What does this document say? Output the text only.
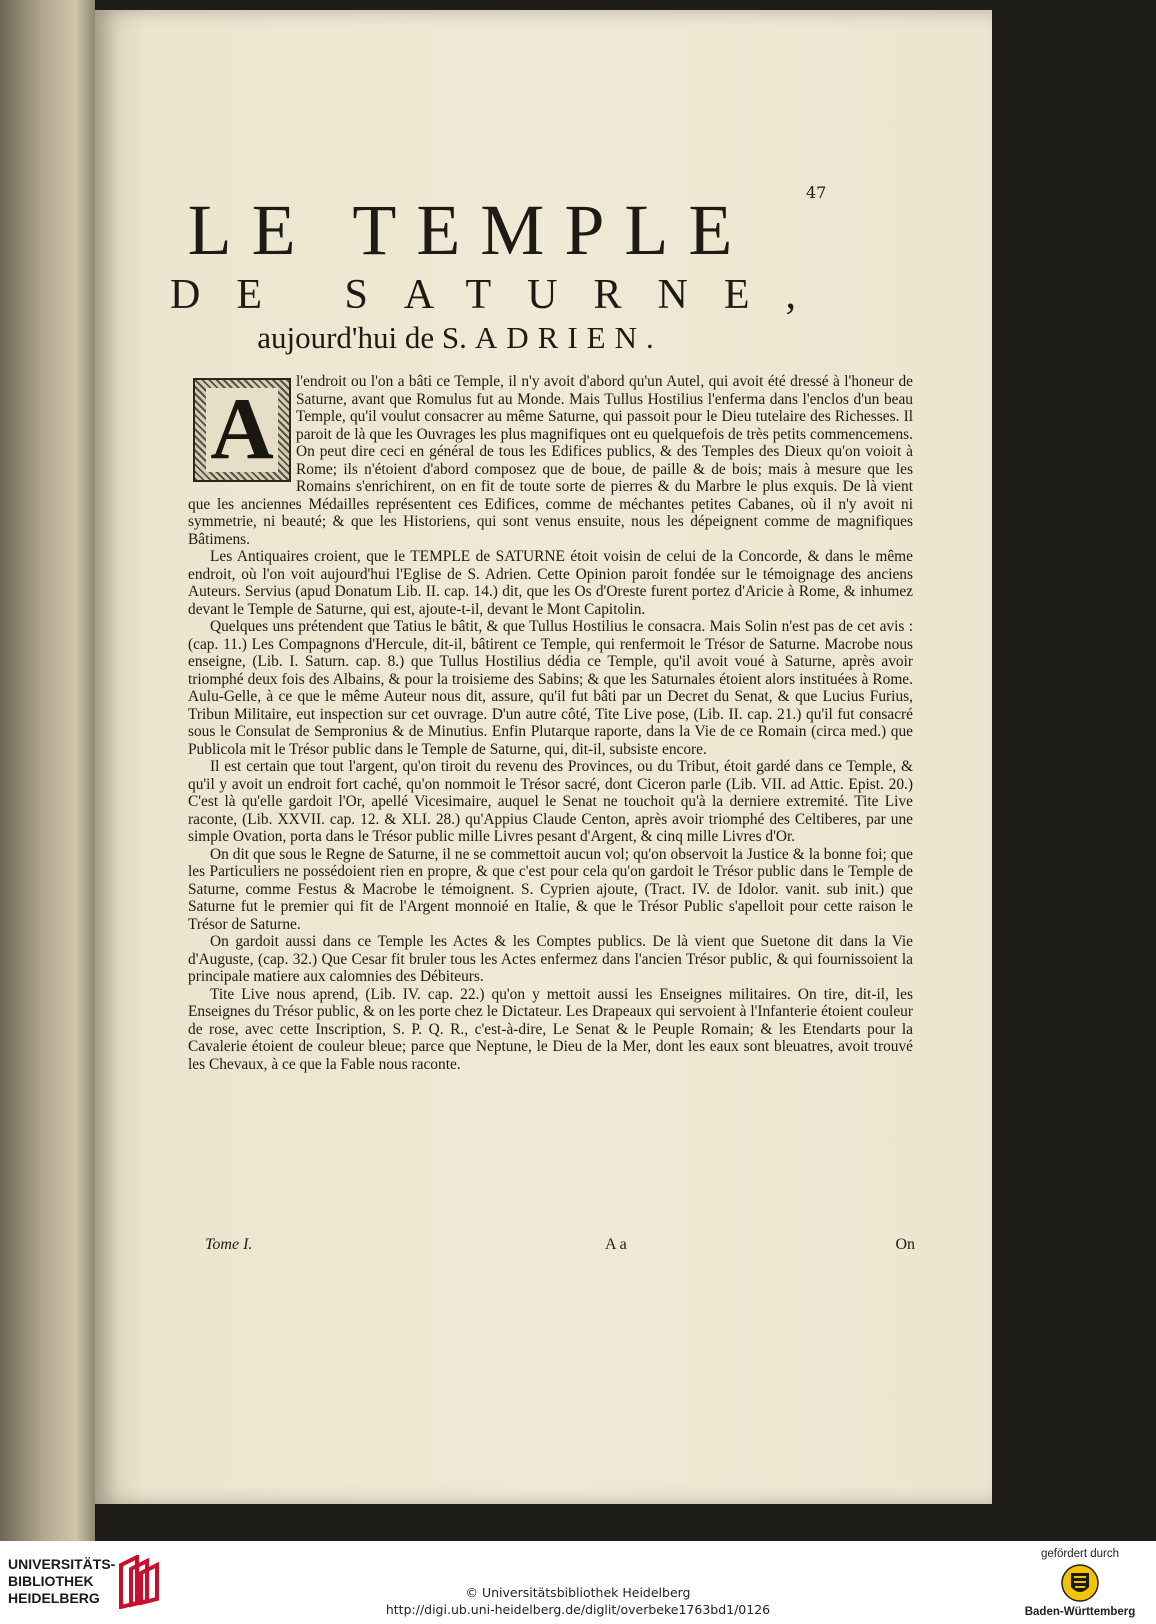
47
LE TEMPLE
DE SATURNE,
aujourd'hui de S. ADRIEN.
A	l'endroit ou l'on a bâti ce Temple, il n'y avoit d'abord qu'un Autel, qui avoit été dressé à l'honeur de Saturne, avant que Romulus fut au Monde. Mais Tullus Hostilius l'enferma dans l'enclos d'un beau Temple, qu'il voulut consacrer au même Saturne, qui passoit pour le Dieu tutelaire des Richesses. Il paroit de là que les Ouvrages les plus magnifiques ont eu quelquefois de très petits commencemens. On peut dire ceci en général de tous les Edifices publics, & des Temples des Dieux qu'on voioit à Rome; ils n'étoient d'abord composez que de boue, de paille & de bois; mais à mesure que les Romains s'enrichirent, on en fit de toute sorte de pierres & du Marbre le plus exquis. De là vient que les anciennes Médailles représentent ces Edifices, comme de méchantes petites Cabanes, où il n'y avoit ni symmetrie, ni beauté; & que les Historiens, qui sont venus ensuite, nous les dépeignent comme de magnifiques Bâtimens.

Les Antiquaires croient, que le TEMPLE de SATURNE étoit voisin de celui de la Concorde, & dans le même endroit, où l'on voit aujourd'hui l'Eglise de S. Adrien. Cette Opinion paroit fondée sur le témoignage des anciens Auteurs. Servius (apud Donatum Lib. II. cap. 14.) dit, que les Os d'Oreste furent portez d'Aricie à Rome, & inhumez devant le Temple de Saturne, qui est, ajoute-t-il, devant le Mont Capitolin.

Quelques uns prétendent que Tatius le bâtit, & que Tullus Hostilius le consacra. Mais Solin n'est pas de cet avis : (cap. 11.) Les Compagnons d'Hercule, dit-il, bâtirent ce Temple, qui renfermoit le Trésor de Saturne. Macrobe nous enseigne, (Lib. I. Saturn. cap. 8.) que Tullus Hostilius dédia ce Temple, qu'il avoit voué à Saturne, après avoir triomphé deux fois des Albains, & pour la troisieme des Sabins; & que les Saturnales étoient alors instituées à Rome. Aulu-Gelle, à ce que le même Auteur nous dit, assure, qu'il fut bâti par un Decret du Senat, & que Lucius Furius, Tribun Militaire, eut inspection sur cet ouvrage. D'un autre côté, Tite Live pose, (Lib. II. cap. 21.) qu'il fut consacré sous le Consulat de Sempronius & de Minutius. Enfin Plutarque raporte, dans la Vie de ce Romain (circa med.) que Publicola mit le Trésor public dans le Temple de Saturne, qui, dit-il, subsiste encore.

Il est certain que tout l'argent, qu'on tiroit du revenu des Provinces, ou du Tribut, étoit gardé dans ce Temple, & qu'il y avoit un endroit fort caché, qu'on nommoit le Trésor sacré, dont Ciceron parle (Lib. VII. ad Attic. Epist. 20.) C'est là qu'elle gardoit l'Or, apellé Vicesimaire, auquel le Senat ne touchoit qu'à la derniere extremité. Tite Live raconte, (Lib. XXVII. cap. 12. & XLI. 28.) qu'Appius Claude Centon, après avoir triomphé des Celtiberes, par une simple Ovation, porta dans le Trésor public mille Livres pesant d'Argent, & cinq mille Livres d'Or.

On dit que sous le Regne de Saturne, il ne se commettoit aucun vol; qu'on observoit la Justice & la bonne foi; que les Particuliers ne possédoient rien en propre, & que c'est pour cela qu'on gardoit le Trésor public dans le Temple de Saturne, comme Festus & Macrobe le témoignent. S. Cyprien ajoute, (Tract. IV. de Idolor. vanit. sub init.) que Saturne fut le premier qui fit de l'Argent monnoié en Italie, & que le Trésor Public s'apelloit pour cette raison le Trésor de Saturne.

On gardoit aussi dans ce Temple les Actes & les Comptes publics. De là vient que Suetone dit dans la Vie d'Auguste, (cap. 32.) Que Cesar fit bruler tous les Actes enfermez dans l'ancien Trésor public, & qui fournissoient la principale matiere aux calomnies des Débiteurs.

Tite Live nous aprend, (Lib. IV. cap. 22.) qu'on y mettoit aussi les Enseignes militaires. On tire, dit-il, les Enseignes du Trésor public, & on les porte chez le Dictateur. Les Drapeaux qui servoient à l'Infanterie étoient couleur de rose, avec cette Inscription, S. P. Q. R., c'est-à-dire, Le Senat & le Peuple Romain; & les Etendarts pour la Cavalerie étoient de couleur bleue; parce que Neptune, le Dieu de la Mer, dont les eaux sont bleuatres, avoit trouvé les Chevaux, à ce que la Fable nous raconte.

Tome I.	A a	On
UNIVERSITÄTS-
BIBLIOTHEK
HEIDELBERG	© Universitätsbibliothek Heidelberg
http://digi.ub.uni-heidelberg.de/diglit/overbeke1763bd1/0126
gefördert durch
Baden-Württemberg
